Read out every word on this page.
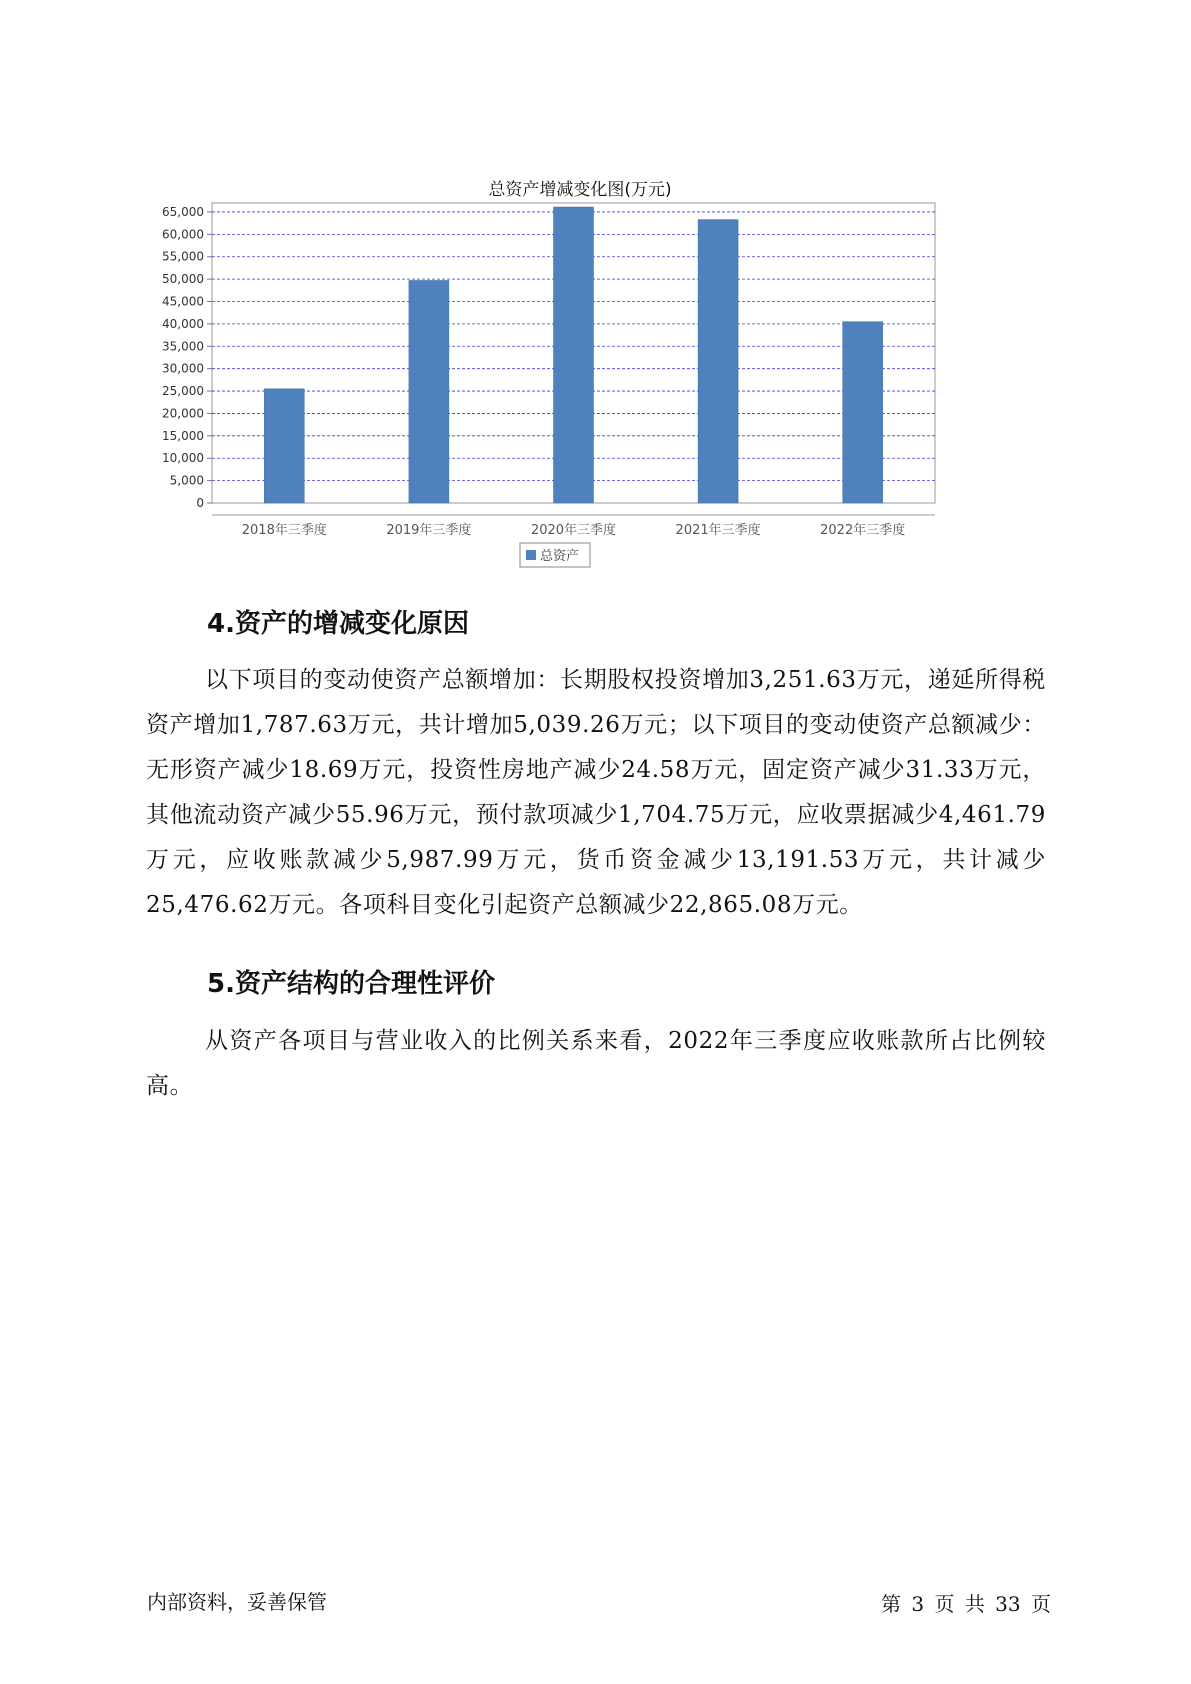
总资产增减变化图(万元)
0
5,000
10,000
15,000
20,000
25,000
30,000
35,000
40,000
45,000
50,000
55,000
60,000
65,000
2018年三季度	2019年三季度	2020年三季度	2021年三季度	2022年三季度
总资产
4.资产的增减变化原因

以下项目的变动使资产总额增加：长期股权投资增加3,251.63万元，递延所得税资产增加1,787.63万元，共计增加5,039.26万元；以下项目的变动使资产总额减少：无形资产减少18.69万元，投资性房地产减少24.58万元，固定资产减少31.33万元，其他流动资产减少55.96万元，预付款项减少1,704.75万元，应收票据减少4,461.79万元，应收账款减少5,987.99万元，货币资金减少13,191.53万元，共计减少25,476.62万元。各项科目变化引起资产总额减少22,865.08万元。

5.资产结构的合理性评价

从资产各项目与营业收入的比例关系来看，2022年三季度应收账款所占比例较高。

内部资料，妥善保管	第 3 页 共 33 页
